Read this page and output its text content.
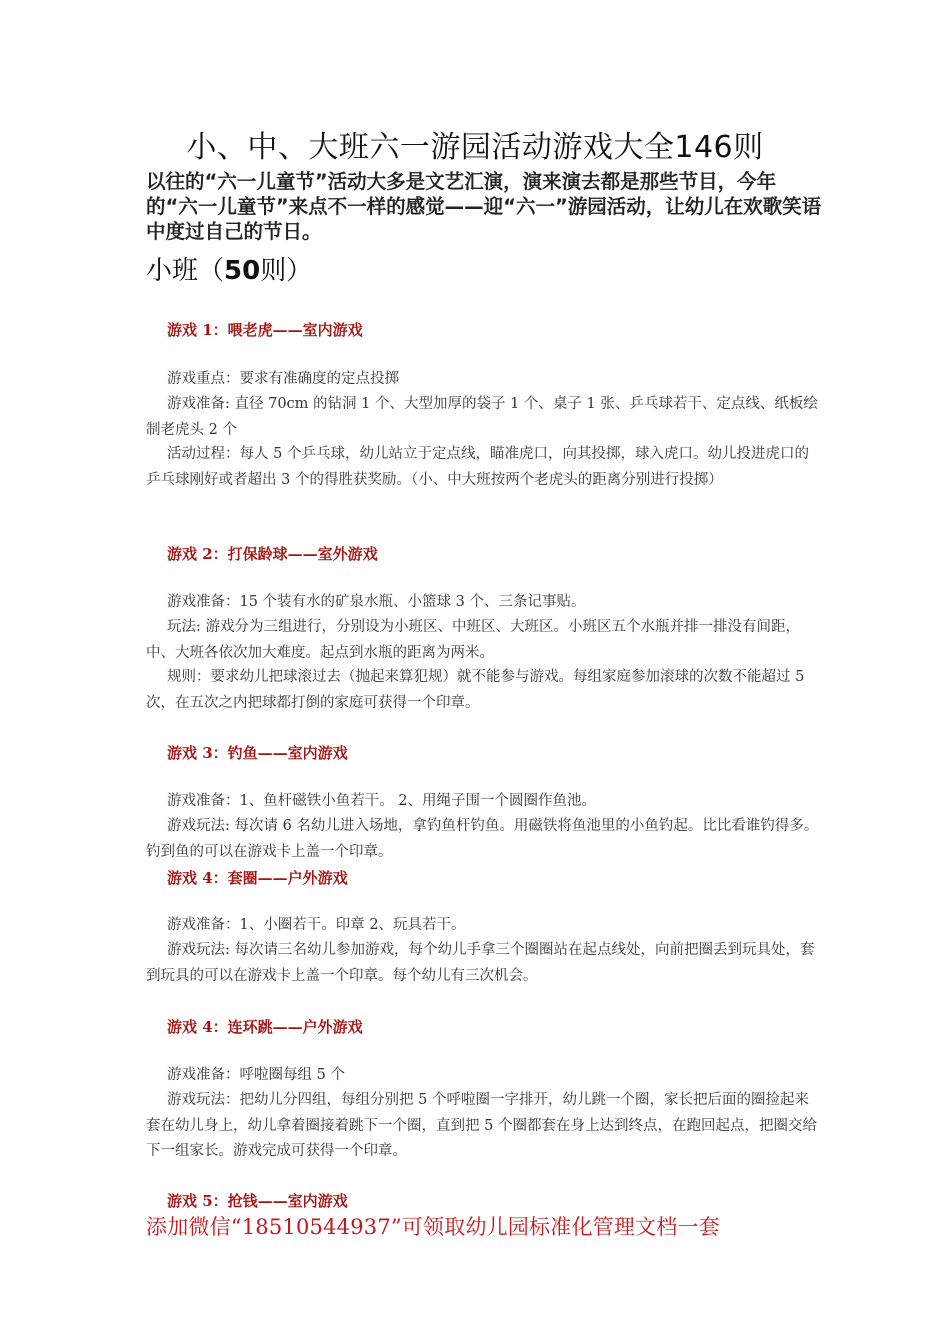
小、中、大班六一游园活动游戏大全146则
以往的“六一儿童节”活动大多是文艺汇演，演来演去都是那些节目，今年的“六一儿童节”来点不一样的感觉——迎“六一”游园活动，让幼儿在欢歌笑语中度过自己的节日。
小班（50则）
游戏 1：喂老虎——室内游戏
游戏重点：要求有准确度的定点投掷
游戏准备: 直径 70cm 的钻洞 1 个、大型加厚的袋子 1 个、桌子 1 张、乒乓球若干、定点线、纸板绘制老虎头 2 个
活动过程：每人 5 个乒乓球，幼儿站立于定点线，瞄准虎口，向其投掷，球入虎口。幼儿投进虎口的乒乓球刚好或者超出 3 个的得胜获奖励。（小、中大班按两个老虎头的距离分别进行投掷）
游戏 2：打保龄球——室外游戏
游戏准备：15 个装有水的矿泉水瓶、小篮球 3 个、三条记事贴。
玩法: 游戏分为三组进行，分别设为小班区、中班区、大班区。小班区五个水瓶并排一排没有间距，中、大班各依次加大难度。起点到水瓶的距离为两米。
规则：要求幼儿把球滚过去（抛起来算犯规）就不能参与游戏。每组家庭参加滚球的次数不能超过 5 次，在五次之内把球都打倒的家庭可获得一个印章。
游戏 3：钓鱼——室内游戏
游戏准备：1、鱼杆磁铁小鱼若干。 2、用绳子围一个圆圈作鱼池。
游戏玩法: 每次请 6 名幼儿进入场地，拿钓鱼杆钓鱼。用磁铁将鱼池里的小鱼钓起。比比看谁钓得多。钓到鱼的可以在游戏卡上盖一个印章。
游戏 4：套圈——户外游戏
游戏准备：1、小圈若干。印章 2、玩具若干。
游戏玩法: 每次请三名幼儿参加游戏，每个幼儿手拿三个圈圈站在起点线处，向前把圈丢到玩具处，套到玩具的可以在游戏卡上盖一个印章。每个幼儿有三次机会。
游戏 4：连环跳——户外游戏
游戏准备：呼啦圈每组 5 个
游戏玩法：把幼儿分四组，每组分别把 5 个呼啦圈一字排开，幼儿跳一个圈，家长把后面的圈捡起来套在幼儿身上，幼儿拿着圈接着跳下一个圈，直到把 5 个圈都套在身上达到终点，在跑回起点，把圈交给下一组家长。游戏完成可获得一个印章。
游戏 5：抢钱——室内游戏
添加微信“18510544937”可领取幼儿园标准化管理文档一套
